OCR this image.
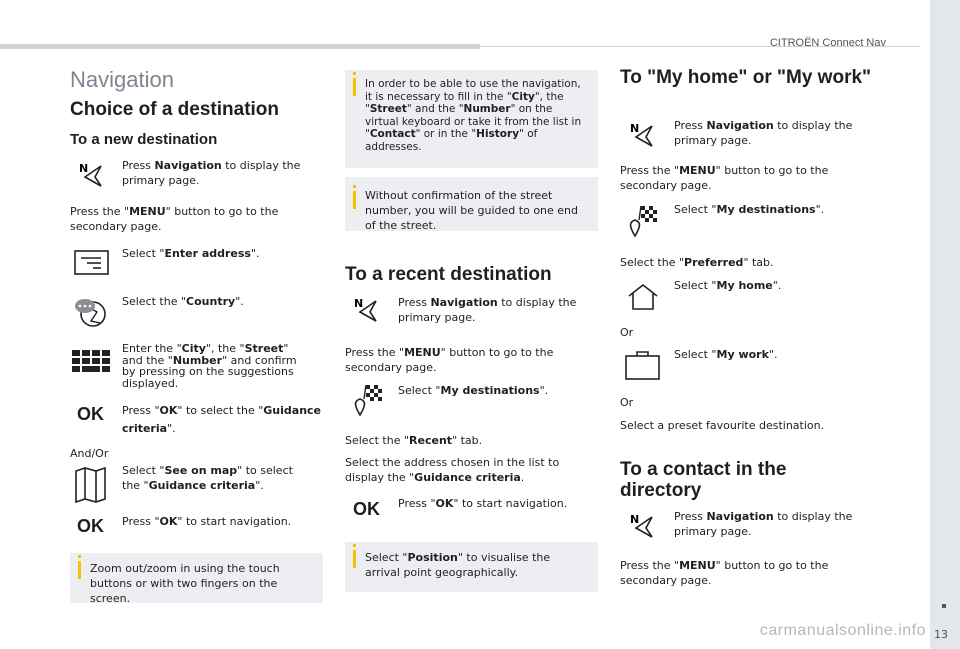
CITROËN Connect Nav
13
carmanualsonline.info
Navigation
Choice of a destination
To a new destination
N	Press Navigation to display the primary page.
Press the "MENU" button to go to the secondary page.
Select "Enter address".
Select the "Country".
Enter the "City", the "Street"
and the "Number" and confirm
by pressing on the suggestions
displayed.
OK Press "OK" to select the "Guidance criteria".
And/Or
Select "See on map" to select the "Guidance criteria".
OK Press "OK" to start navigation.
Zoom out/zoom in using the touch buttons or with two fingers on the screen.
In order to be able to use the navigation, it is necessary to fill in the "City", the "Street" and the "Number" on the virtual keyboard or take it from the list in "Contact" or in the "History" of addresses.
Without confirmation of the street number, you will be guided to one end of the street.
To a recent destination
N	Press Navigation to display the primary page.
Press the "MENU" button to go to the secondary page.
Select "My destinations".
Select the "Recent" tab.
Select the address chosen in the list to display the "Guidance criteria.
OK Press "OK" to start navigation.
Select "Position" to visualise the arrival point geographically.
To "My home" or "My work"
N	Press Navigation to display the primary page.
Press the "MENU" button to go to the secondary page.
Select "My destinations".
Select the "Preferred" tab.
Select "My home".
Or
Select "My work".
Or
Select a preset favourite destination.
To a contact in the
directory
N	Press Navigation to display the primary page.
Press the "MENU" button to go to the secondary page.
